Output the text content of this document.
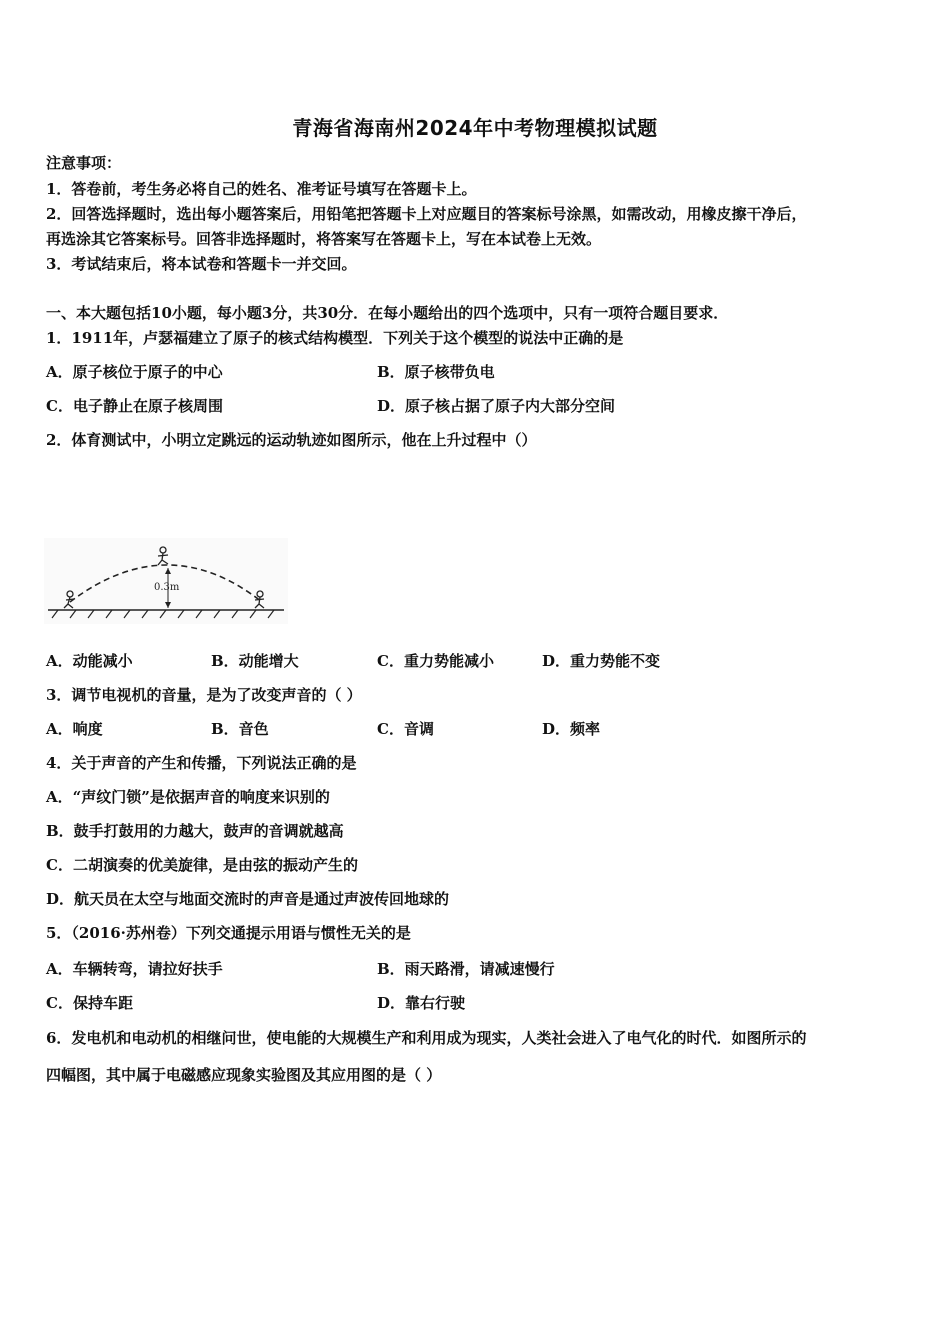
青海省海南州2024年中考物理模拟试题
注意事项：
1．答卷前，考生务必将自己的姓名、准考证号填写在答题卡上。
2．回答选择题时，选出每小题答案后，用铅笔把答题卡上对应题目的答案标号涂黑，如需改动，用橡皮擦干净后，
再选涂其它答案标号。回答非选择题时，将答案写在答题卡上，写在本试卷上无效。
3．考试结束后，将本试卷和答题卡一并交回。
一、本大题包括10小题，每小题3分，共30分．在每小题给出的四个选项中，只有一项符合题目要求．
1．1911年，卢瑟福建立了原子的核式结构模型．下列关于这个模型的说法中正确的是
A．原子核位于原子的中心	B．原子核带负电
C．电子静止在原子核周围	D．原子核占据了原子内大部分空间
2．体育测试中，小明立定跳远的运动轨迹如图所示，他在上升过程中（）
0.3m
A．动能减小	B．动能增大	C．重力势能减小	D．重力势能不变
3．调节电视机的音量，是为了改变声音的（ ）
A．响度	B．音色	C．音调	D．频率
4．关于声音的产生和传播，下列说法正确的是
A．“声纹门锁”是依据声音的响度来识别的
B．鼓手打鼓用的力越大，鼓声的音调就越高
C．二胡演奏的优美旋律，是由弦的振动产生的
D．航天员在太空与地面交流时的声音是通过声波传回地球的
5．（2016·苏州卷）下列交通提示用语与惯性无关的是
A．车辆转弯，请拉好扶手	B．雨天路滑，请减速慢行
C．保持车距	D．靠右行驶
6．发电机和电动机的相继问世，使电能的大规模生产和利用成为现实，人类社会进入了电气化的时代．如图所示的
四幅图，其中属于电磁感应现象实验图及其应用图的是（ ）
